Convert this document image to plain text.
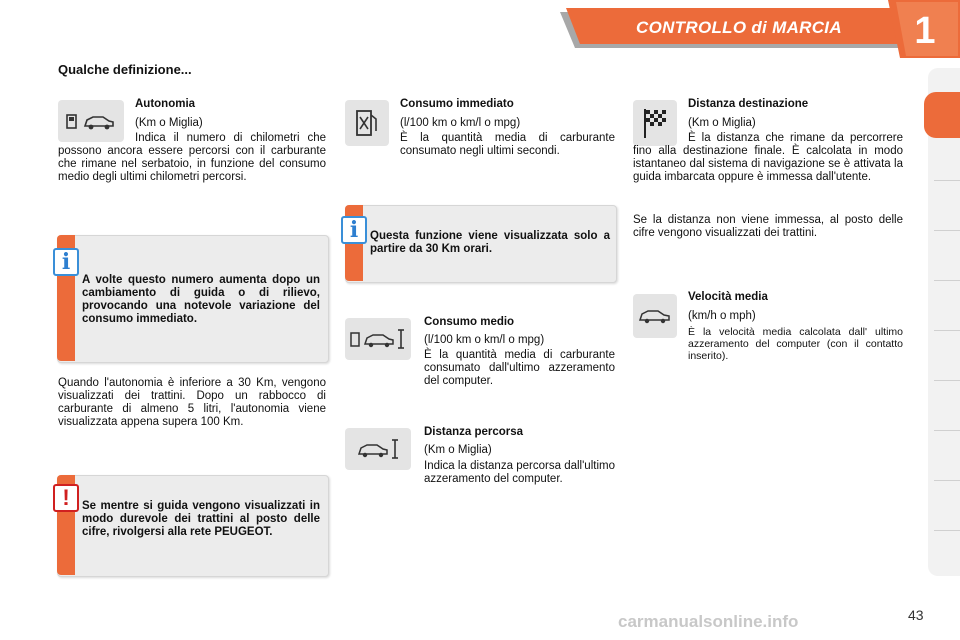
CONTROLLO di MARCIA	1
Qualche definizione...
Autonomia
(Km o Miglia)
Indica il numero di chilometri che possono ancora essere percorsi con il carburante che rimane nel serbatoio, in funzione del consumo medio degli ultimi chilometri percorsi.
i
A volte questo numero aumenta dopo un cambiamento di guida o di rilievo, provocando una notevole variazione del consumo immediato.
Quando l'autonomia è inferiore a 30 Km, vengono visualizzati dei trattini. Dopo un rabbocco di carburante di almeno 5 litri, l'autonomia viene visualizzata appena supera 100 Km.
!	Se mentre si guida vengono visualizzati in modo durevole dei trattini al posto delle cifre, rivolgersi alla rete PEUGEOT.
Consumo immediato
(l/100 km o km/l o mpg)
È la quantità media di carburante consumato negli ultimi secondi.
i	Questa funzione viene visualizzata solo a partire da 30 Km orari.
Consumo medio
(l/100 km o km/l o mpg)
È la quantità media di carburante consumato dall'ultimo azzeramento del computer.
Distanza percorsa
(Km o Miglia)
Indica la distanza percorsa dall'ultimo azzeramento del computer.
Distanza destinazione
(Km o Miglia)
È la distanza che rimane da percorrere fino alla destinazione finale. È calcolata in modo istantaneo dal sistema di navigazione se è attivata la guida imbarcata oppure è immessa dall'utente.
Se la distanza non viene immessa, al posto delle cifre vengono visualizzati dei trattini.
Velocità media
(km/h o mph)
È la velocità media calcolata dall' ultimo azzeramento del computer (con il contatto inserito).
carmanualsonline.info	43
